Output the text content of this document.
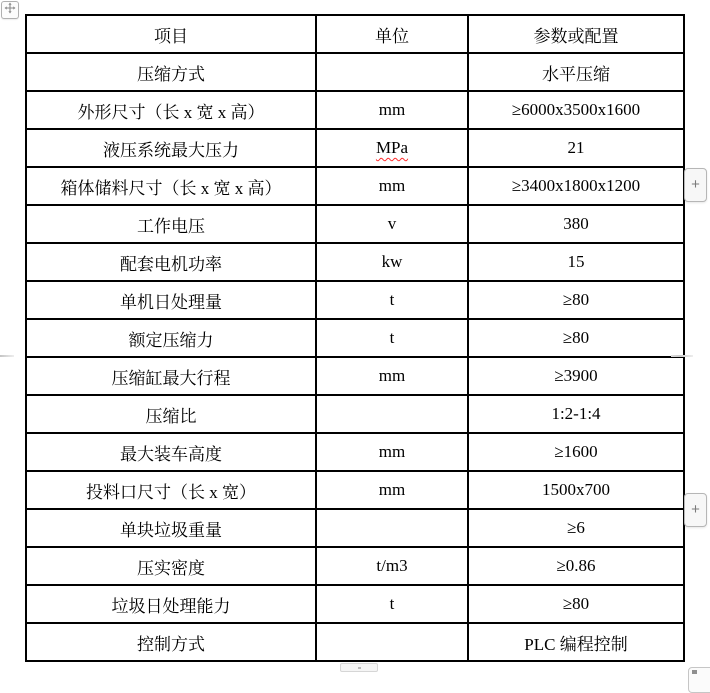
项目	单位	参数或配置
压缩方式		水平压缩
外形尺寸（长 x 宽 x 高）	mm	≥6000x3500x1600
液压系统最大压力	MPa	21
箱体储料尺寸（长 x 宽 x 高）	mm	≥3400x1800x1200
工作电压	v	380
配套电机功率	kw	15
单机日处理量	t	≥80
额定压缩力	t	≥80
压缩缸最大行程	mm	≥3900
压缩比		1:2-1:4
最大装车高度	mm	≥1600
投料口尺寸（长 x 宽）	mm	1500x700
单块垃圾重量		≥6
压实密度	t/m3	≥0.86
垃圾日处理能力	t	≥80
控制方式		PLC 编程控制
+
+
